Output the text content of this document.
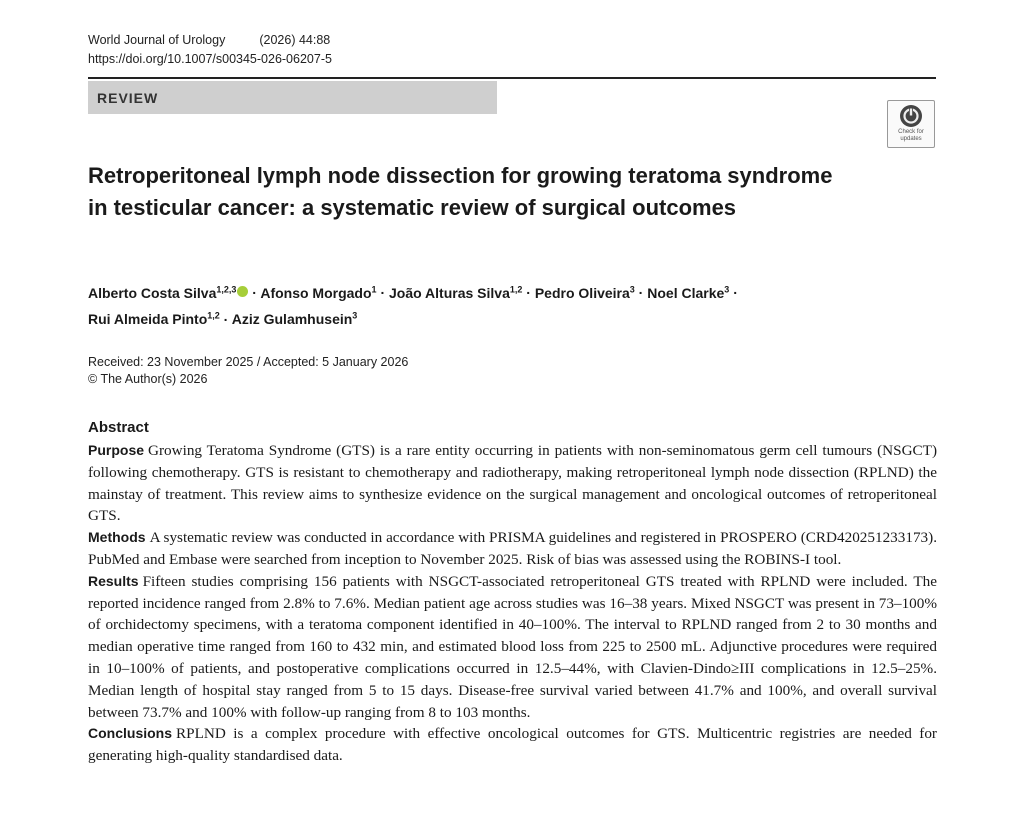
World Journal of Urology	(2026) 44:88
https://doi.org/10.1007/s00345-026-06207-5
REVIEW
Check for
updates
Retroperitoneal lymph node dissection for growing teratoma syndrome in testicular cancer: a systematic review of surgical outcomes
Alberto Costa Silva$^{1,2,3}$ · Afonso Morgado$^1$ · João Alturas Silva$^{1,2}$ · Pedro Oliveira$^3$ · Noel Clarke$^3$ ·
Rui Almeida Pinto$^{1,2}$ · Aziz Gulamhusein$^3$
Received: 23 November 2025 / Accepted: 5 January 2026
© The Author(s) 2026
Abstract

Purpose Growing Teratoma Syndrome (GTS) is a rare entity occurring in patients with non-seminomatous germ cell tumours (NSGCT) following chemotherapy. GTS is resistant to chemotherapy and radiotherapy, making retroperitoneal lymph node dissection (RPLND) the mainstay of treatment. This review aims to synthesize evidence on the surgical management and oncological outcomes of retroperitoneal GTS.

Methods A systematic review was conducted in accordance with PRISMA guidelines and registered in PROSPERO (CRD420251233173). PubMed and Embase were searched from inception to November 2025. Risk of bias was assessed using the ROBINS-I tool.

Results Fifteen studies comprising 156 patients with NSGCT-associated retroperitoneal GTS treated with RPLND were included. The reported incidence ranged from 2.8% to 7.6%. Median patient age across studies was 16–38 years. Mixed NSGCT was present in 73–100% of orchidectomy specimens, with a teratoma component identified in 40–100%. The interval to RPLND ranged from 2 to 30 months and median operative time ranged from 160 to 432 min, and estimated blood loss from 225 to 2500 mL. Adjunctive procedures were required in 10–100% of patients, and postoperative complications occurred in 12.5–44%, with Clavien-Dindo≥III complications in 12.5–25%. Median length of hospital stay ranged from 5 to 15 days. Disease-free survival varied between 41.7% and 100%, and overall survival between 73.7% and 100% with follow-up ranging from 8 to 103 months.

Conclusions RPLND is a complex procedure with effective oncological outcomes for GTS. Multicentric registries are needed for generating high-quality standardised data.
